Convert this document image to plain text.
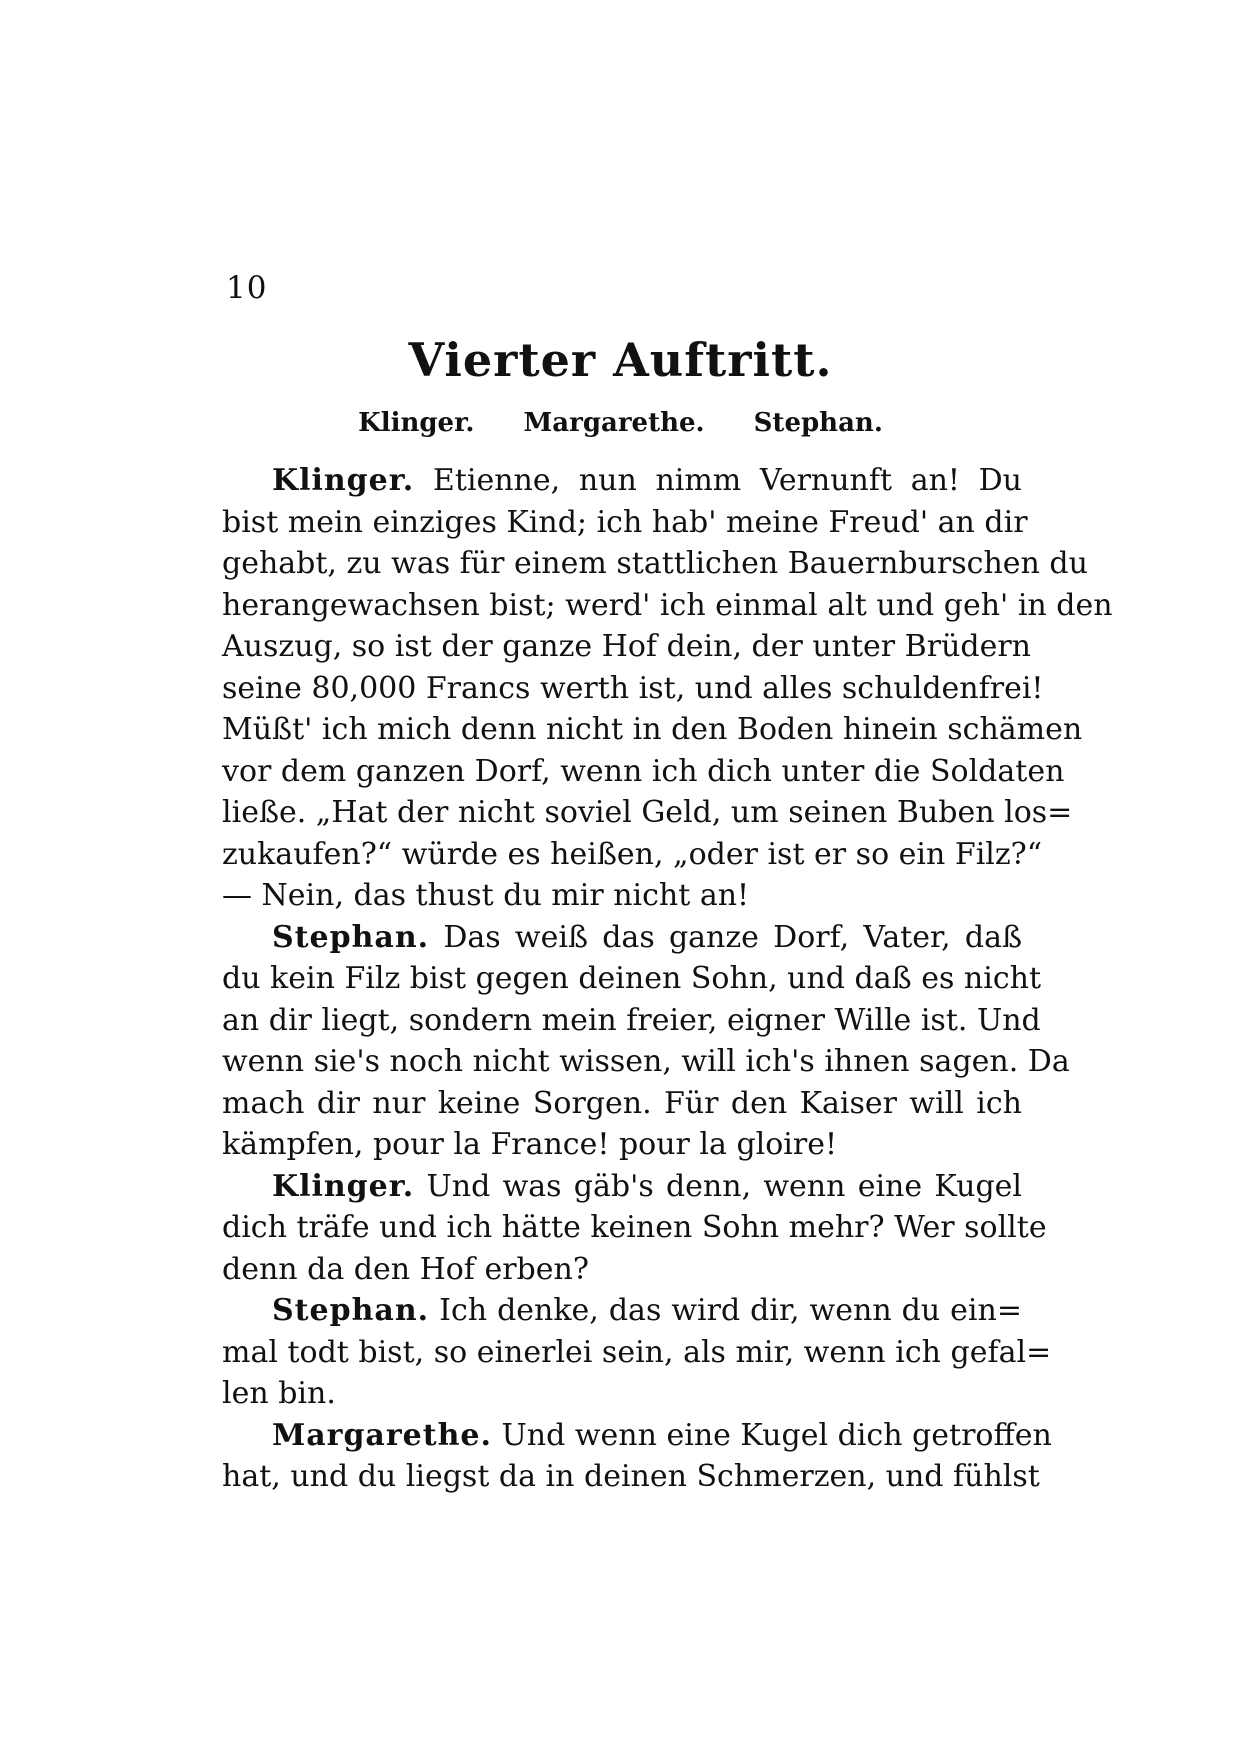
10
Vierter Auftritt.
Klinger. Margarethe. Stephan.
Klinger. Etienne, nun nimm Vernunft an! Du
bist mein einziges Kind; ich hab' meine Freud' an dir
gehabt, zu was für einem stattlichen Bauernburschen du
herangewachsen bist; werd' ich einmal alt und geh' in den
Auszug, so ist der ganze Hof dein, der unter Brüdern
seine 80,000 Francs werth ist, und alles schuldenfrei!
Müßt' ich mich denn nicht in den Boden hinein schämen
vor dem ganzen Dorf, wenn ich dich unter die Soldaten
ließe. „Hat der nicht soviel Geld, um seinen Buben los=
zukaufen?“ würde es heißen, „oder ist er so ein Filz?“
— Nein, das thust du mir nicht an!
Stephan. Das weiß das ganze Dorf, Vater, daß
du kein Filz bist gegen deinen Sohn, und daß es nicht
an dir liegt, sondern mein freier, eigner Wille ist. Und
wenn sie's noch nicht wissen, will ich's ihnen sagen. Da
mach dir nur keine Sorgen. Für den Kaiser will ich
kämpfen, pour la France! pour la gloire!
Klinger. Und was gäb's denn, wenn eine Kugel
dich träfe und ich hätte keinen Sohn mehr? Wer sollte
denn da den Hof erben?
Stephan. Ich denke, das wird dir, wenn du ein=
mal todt bist, so einerlei sein, als mir, wenn ich gefal=
len bin.
Margarethe. Und wenn eine Kugel dich getroffen
hat, und du liegst da in deinen Schmerzen, und fühlst
